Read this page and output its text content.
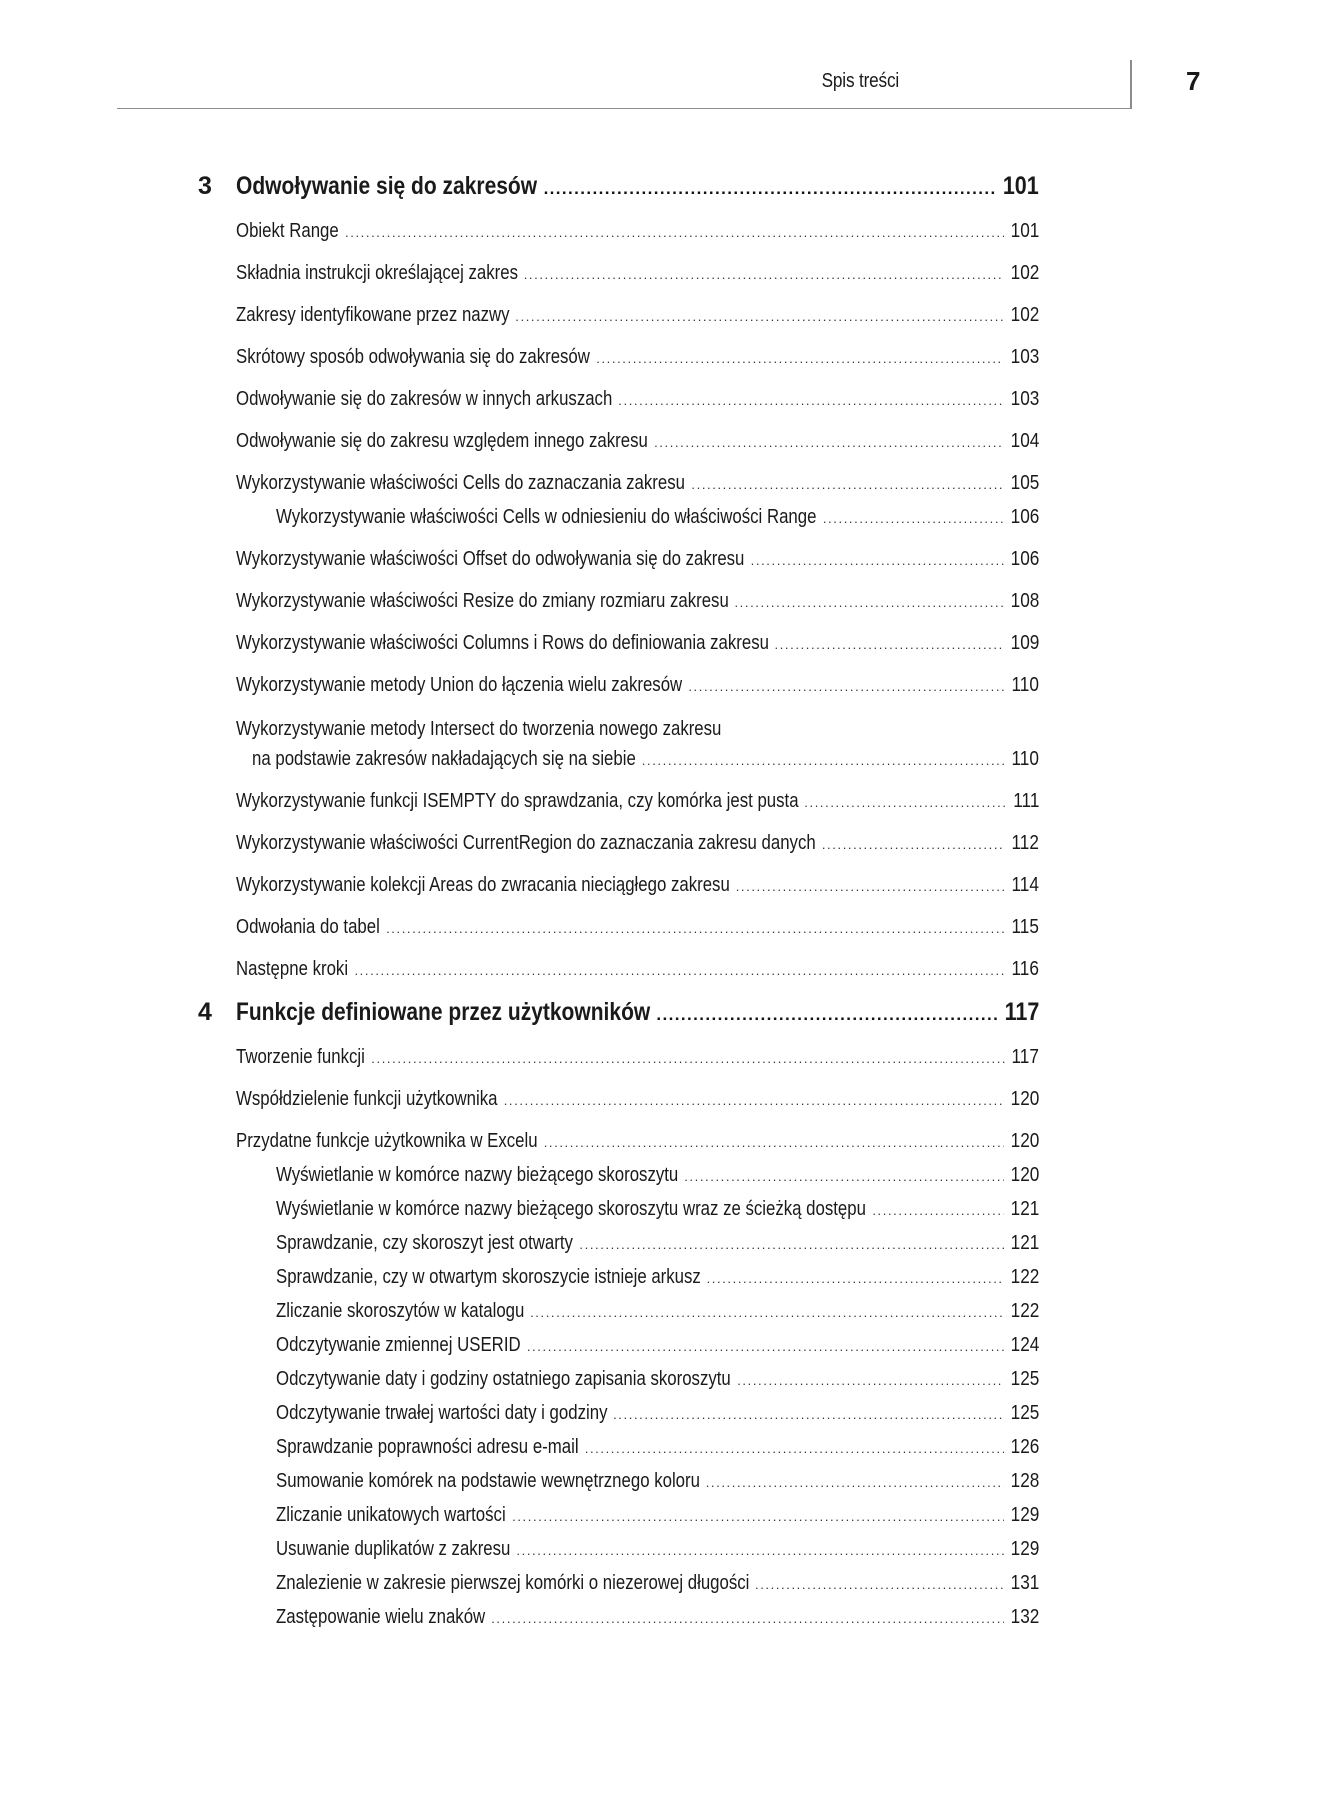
Spis treści	7
3 Odwoływanie się do zakresów .....	101
Obiekt Range .....	101
Składnia instrukcji określającej zakres .....	102
Zakresy identyfikowane przez nazwy .....	102
Skrótowy sposób odwoływania się do zakresów .....	103
Odwoływanie się do zakresów w innych arkuszach .....	103
Odwoływanie się do zakresu względem innego zakresu .....	104
Wykorzystywanie właściwości Cells do zaznaczania zakresu .....	105
Wykorzystywanie właściwości Cells w odniesieniu do właściwości Range .....	106
Wykorzystywanie właściwości Offset do odwoływania się do zakresu .....	106
Wykorzystywanie właściwości Resize do zmiany rozmiaru zakresu .....	108
Wykorzystywanie właściwości Columns i Rows do definiowania zakresu .....	109
Wykorzystywanie metody Union do łączenia wielu zakresów .....	110
Wykorzystywanie metody Intersect do tworzenia nowego zakresu
na podstawie zakresów nakładających się na siebie .....	110
Wykorzystywanie funkcji ISEMPTY do sprawdzania, czy komórka jest pusta .....	111
Wykorzystywanie właściwości CurrentRegion do zaznaczania zakresu danych .....	112
Wykorzystywanie kolekcji Areas do zwracania nieciągłego zakresu .....	114
Odwołania do tabel .....	115
Następne kroki .....	116
4 Funkcje definiowane przez użytkowników .....	117
Tworzenie funkcji .....	117
Współdzielenie funkcji użytkownika .....	120
Przydatne funkcje użytkownika w Excelu .....	120
Wyświetlanie w komórce nazwy bieżącego skoroszytu .....	120
Wyświetlanie w komórce nazwy bieżącego skoroszytu wraz ze ścieżką dostępu .....	121
Sprawdzanie, czy skoroszyt jest otwarty .....	121
Sprawdzanie, czy w otwartym skoroszycie istnieje arkusz .....	122
Zliczanie skoroszytów w katalogu .....	122
Odczytywanie zmiennej USERID .....	124
Odczytywanie daty i godziny ostatniego zapisania skoroszytu .....	125
Odczytywanie trwałej wartości daty i godziny .....	125
Sprawdzanie poprawności adresu e-mail .....	126
Sumowanie komórek na podstawie wewnętrznego koloru .....	128
Zliczanie unikatowych wartości .....	129
Usuwanie duplikatów z zakresu .....	129
Znalezienie w zakresie pierwszej komórki o niezerowej długości .....	131
Zastępowanie wielu znaków .....	132
